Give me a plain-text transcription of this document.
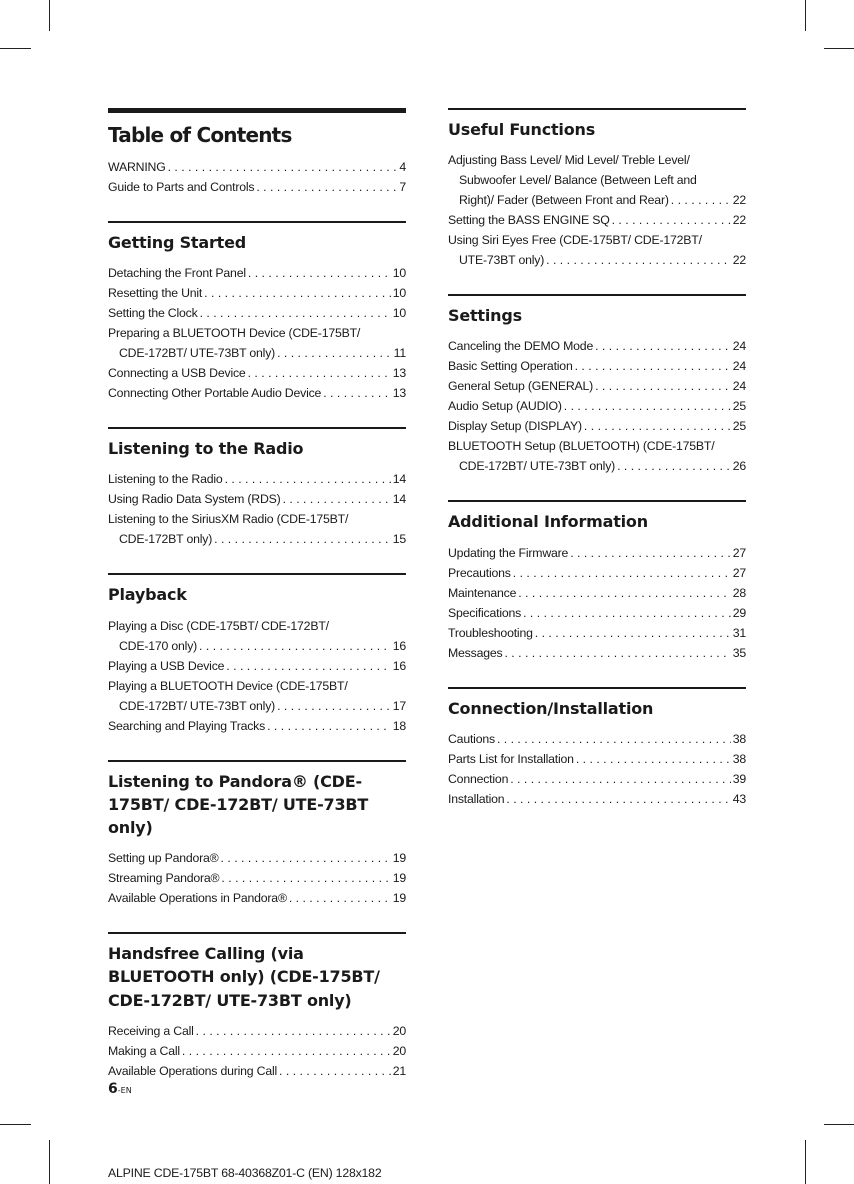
Table of Contents
WARNING . . .	4
Guide to Parts and Controls . . .	7
Getting Started
Detaching the Front Panel . . .	10
Resetting the Unit . . .	10
Setting the Clock . . .	10
Preparing a BLUETOOTH Device (CDE-175BT/
CDE-172BT/ UTE-73BT only) . . .	11
Connecting a USB Device . . .	13
Connecting Other Portable Audio Device . . .	13
Listening to the Radio
Listening to the Radio . . .	14
Using Radio Data System (RDS) . . .	14
Listening to the SiriusXM Radio (CDE-175BT/
CDE-172BT only) . . .	15
Playback
Playing a Disc (CDE-175BT/ CDE-172BT/
CDE-170 only) . . .	16
Playing a USB Device . . .	16
Playing a BLUETOOTH Device (CDE-175BT/
CDE-172BT/ UTE-73BT only) . . .	17
Searching and Playing Tracks . . .	18
Listening to Pandora® (CDE-175BT/ CDE-172BT/ UTE-73BT only)
Setting up Pandora® . . .	19
Streaming Pandora® . . .	19
Available Operations in Pandora® . . .	19
Handsfree Calling (via BLUETOOTH only) (CDE-175BT/ CDE-172BT/ UTE-73BT only)
Receiving a Call . . .	20
Making a Call . . .	20
Available Operations during Call . . .	21
Useful Functions
Adjusting Bass Level/ Mid Level/ Treble Level/
Subwoofer Level/ Balance (Between Left and
Right)/ Fader (Between Front and Rear) . . .	22
Setting the BASS ENGINE SQ . . .	22
Using Siri Eyes Free (CDE-175BT/ CDE-172BT/
UTE-73BT only) . . .	22
Settings
Canceling the DEMO Mode . . .	24
Basic Setting Operation . . .	24
General Setup (GENERAL) . . .	24
Audio Setup (AUDIO) . . .	25
Display Setup (DISPLAY) . . .	25
BLUETOOTH Setup (BLUETOOTH) (CDE-175BT/
CDE-172BT/ UTE-73BT only) . . .	26
Additional Information
Updating the Firmware . . .	27
Precautions . . .	27
Maintenance . . .	28
Specifications . . .	29
Troubleshooting . . .	31
Messages . . .	35
Connection/Installation
Cautions . . .	38
Parts List for Installation . . .	38
Connection . . .	39
Installation . . .	43
6-EN
ALPINE CDE-175BT 68-40368Z01-C (EN) 128x182
